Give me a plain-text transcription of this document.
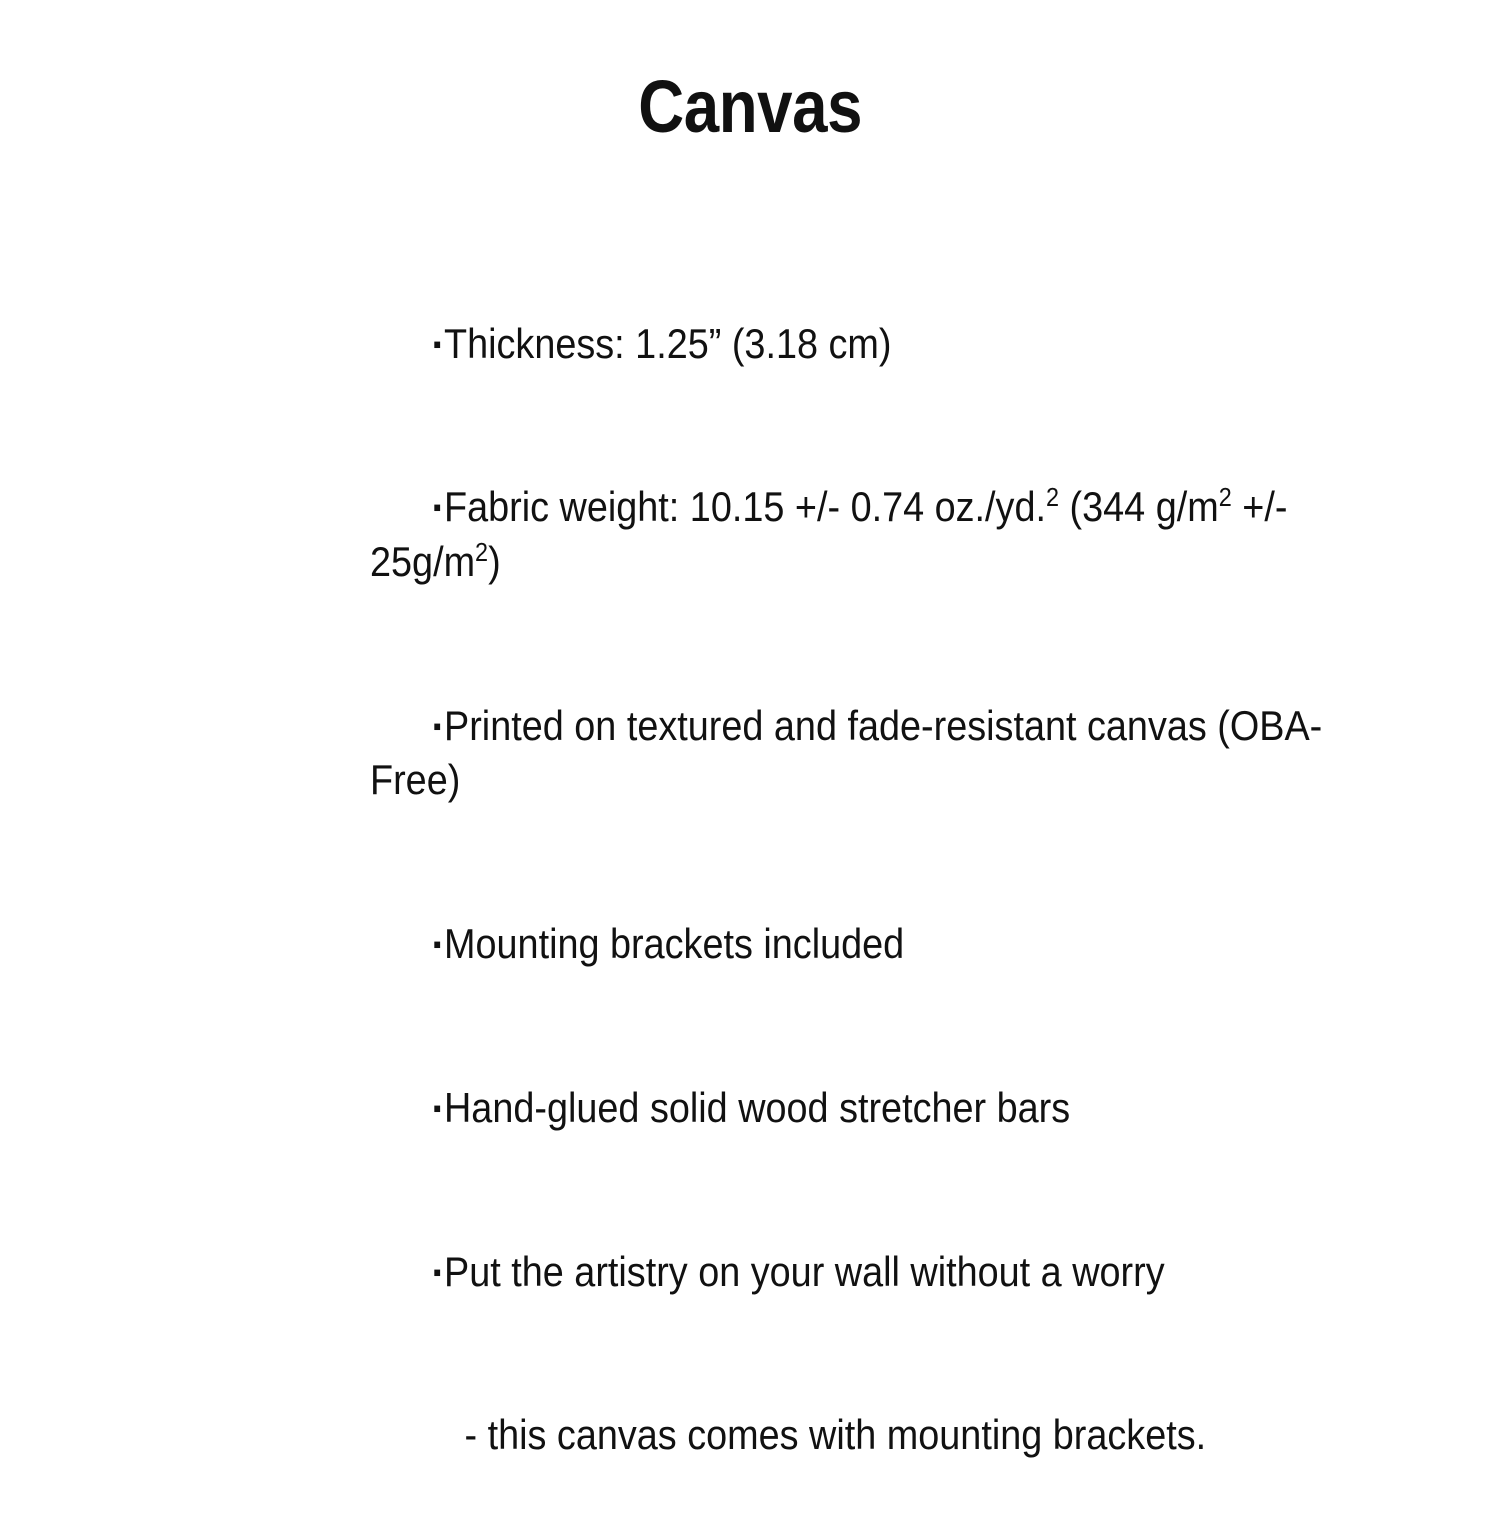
Canvas

▪Thickness: 1.25” (3.18 cm)

▪Fabric weight: 10.15 +/- 0.74 oz./yd.$^2$ (344 $g/m^2$ +/- $25g/m^2$)

▪Printed on textured and fade-resistant canvas (OBA-Free)

▪Mounting brackets included

▪Hand-glued solid wood stretcher bars

▪Put the artistry on your wall without a worry

- this canvas comes with mounting brackets.
